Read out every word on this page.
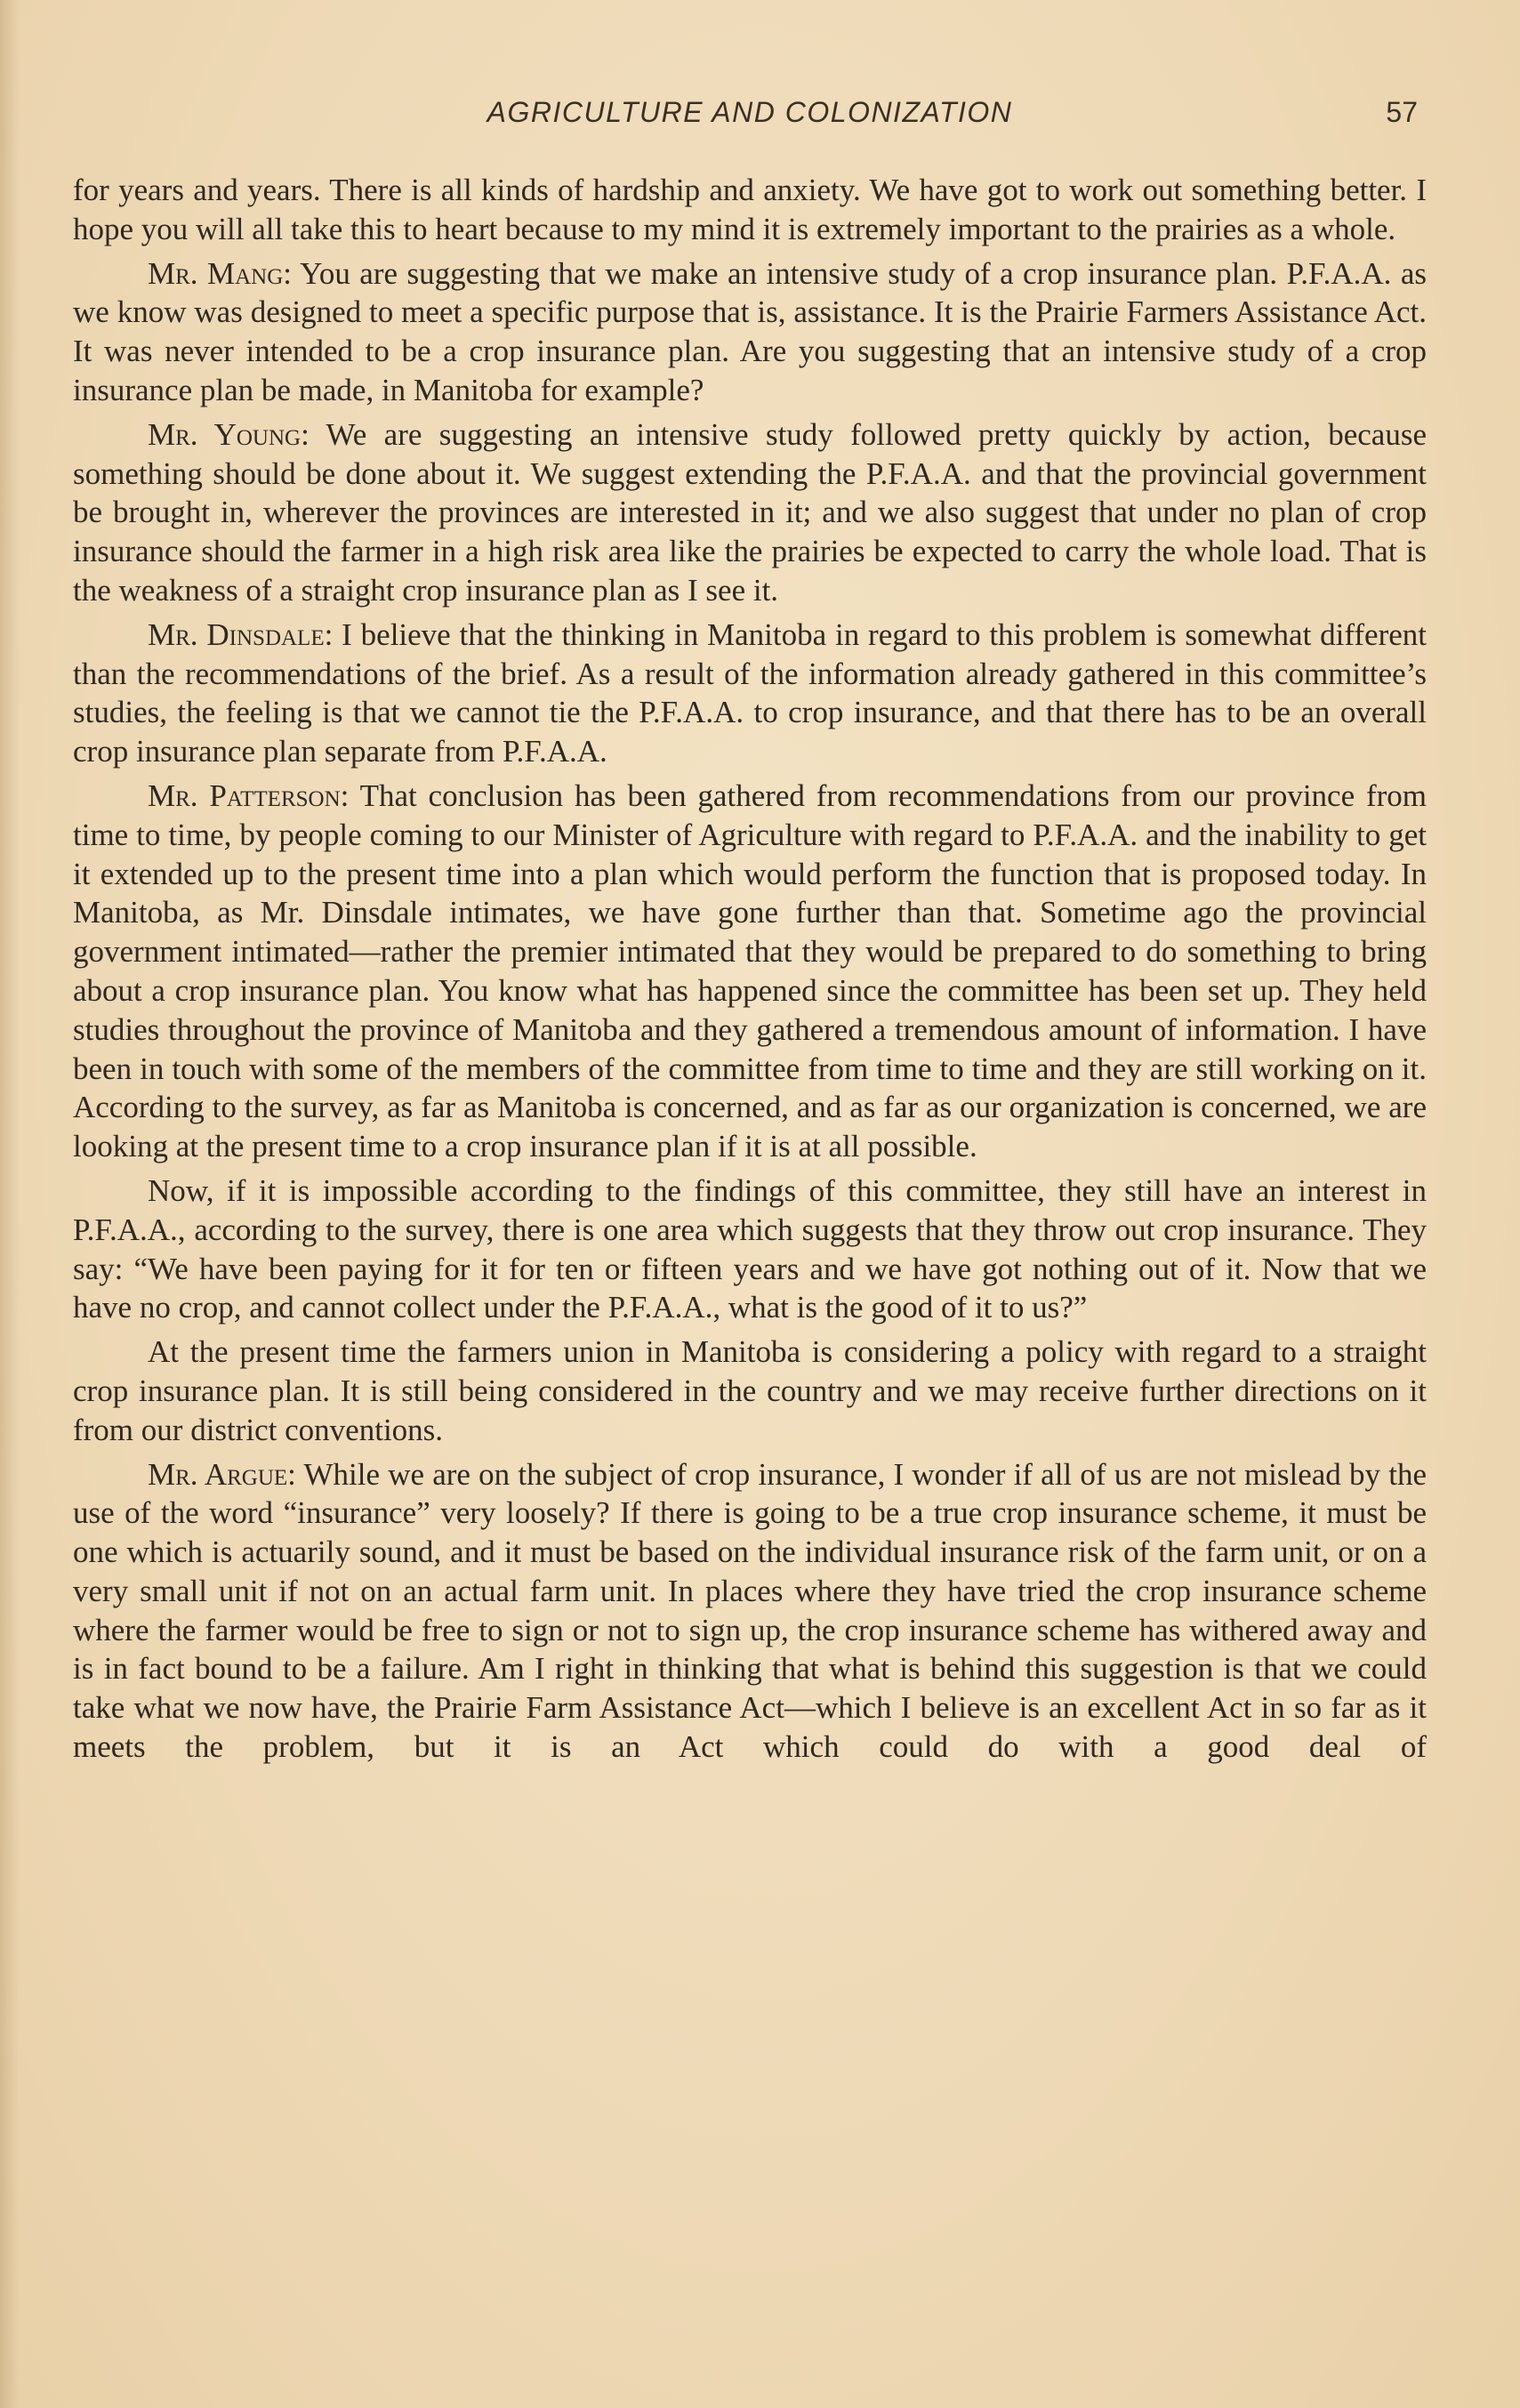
AGRICULTURE AND COLONIZATION	57

for years and years. There is all kinds of hardship and anxiety. We have got to work out something better. I hope you will all take this to heart because to my mind it is extremely important to the prairies as a whole.

Mr. Mang: You are suggesting that we make an intensive study of a crop insurance plan. P.F.A.A. as we know was designed to meet a specific purpose that is, assistance. It is the Prairie Farmers Assistance Act. It was never intended to be a crop insurance plan. Are you suggesting that an intensive study of a crop insurance plan be made, in Manitoba for example?

Mr. Young: We are suggesting an intensive study followed pretty quickly by action, because something should be done about it. We suggest extending the P.F.A.A. and that the provincial government be brought in, wherever the provinces are interested in it; and we also suggest that under no plan of crop insurance should the farmer in a high risk area like the prairies be expected to carry the whole load. That is the weakness of a straight crop insurance plan as I see it.

Mr. Dinsdale: I believe that the thinking in Manitoba in regard to this problem is somewhat different than the recommendations of the brief. As a result of the information already gathered in this committee’s studies, the feeling is that we cannot tie the P.F.A.A. to crop insurance, and that there has to be an overall crop insurance plan separate from P.F.A.A.

Mr. Patterson: That conclusion has been gathered from recommendations from our province from time to time, by people coming to our Minister of Agriculture with regard to P.F.A.A. and the inability to get it extended up to the present time into a plan which would perform the function that is proposed today. In Manitoba, as Mr. Dinsdale intimates, we have gone further than that. Sometime ago the provincial government intimated—rather the premier intimated that they would be prepared to do something to bring about a crop insurance plan. You know what has happened since the committee has been set up. They held studies throughout the province of Manitoba and they gathered a tremendous amount of information. I have been in touch with some of the members of the committee from time to time and they are still working on it. According to the survey, as far as Manitoba is concerned, and as far as our organization is concerned, we are looking at the present time to a crop insurance plan if it is at all possible.

Now, if it is impossible according to the findings of this committee, they still have an interest in P.F.A.A., according to the survey, there is one area which suggests that they throw out crop insurance. They say: “We have been paying for it for ten or fifteen years and we have got nothing out of it. Now that we have no crop, and cannot collect under the P.F.A.A., what is the good of it to us?”

At the present time the farmers union in Manitoba is considering a policy with regard to a straight crop insurance plan. It is still being considered in the country and we may receive further directions on it from our district conventions.

Mr. Argue: While we are on the subject of crop insurance, I wonder if all of us are not mislead by the use of the word “insurance” very loosely? If there is going to be a true crop insurance scheme, it must be one which is actuarily sound, and it must be based on the individual insurance risk of the farm unit, or on a very small unit if not on an actual farm unit. In places where they have tried the crop insurance scheme where the farmer would be free to sign or not to sign up, the crop insurance scheme has withered away and is in fact bound to be a failure. Am I right in thinking that what is behind this suggestion is that we could take what we now have, the Prairie Farm Assistance Act—which I believe is an excellent Act in so far as it meets the problem, but it is an Act which could do with a good deal of
